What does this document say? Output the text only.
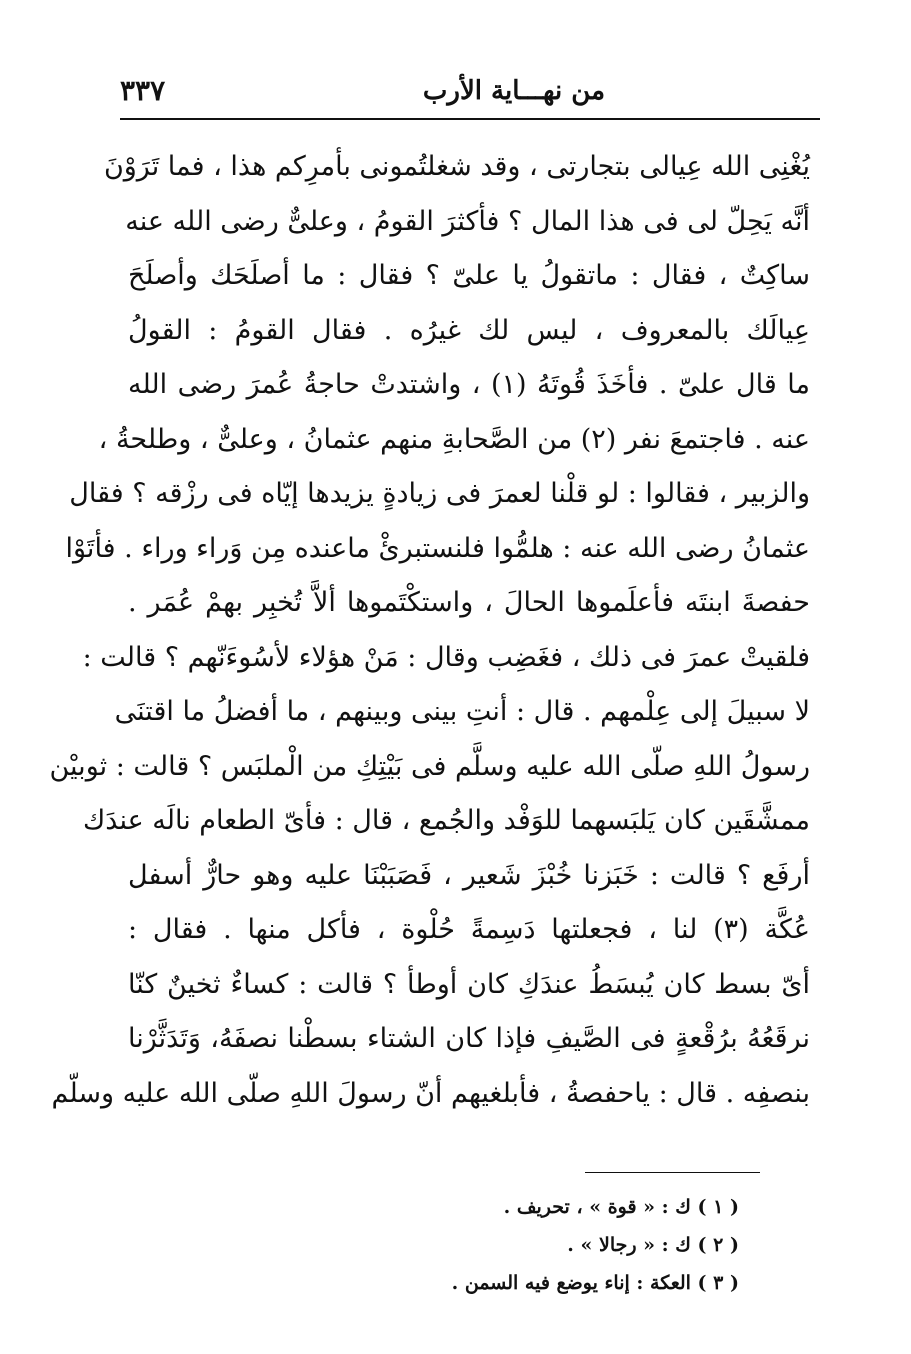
من نهـــاية الأرب
٣٣٧
يُغْنِى الله عِيالى بتجارتى ، وقد شغلتُمونى بأمرِكم هذا ، فما تَرَوْنَ
أنَّه يَحِلّ لى فى هذا المال ؟ فأكثرَ القومُ ، وعلىٌّ رضى الله عنه
ساكِتٌ ، فقال : ماتقولُ يا علىّ ؟ فقال : ما أصلَحَك وأصلَحَ
عِيالَك بالمعروف ، ليس لك غيرُه . فقال القومُ : القولُ
ما قال علىّ . فأخَذَ قُوتَهُ (١) ، واشتدتْ حاجةُ عُمرَ رضى الله
عنه . فاجتمعَ نفر (٢) من الصَّحابةِ منهم عثمانُ ، وعلىٌّ ، وطلحةُ ،
والزبير ، فقالوا : لو قلْنا لعمرَ فى زيادةٍ يزيدها إيّاه فى رزْقه ؟ فقال
عثمانُ رضى الله عنه : هلمُّوا فلنستبرئْ ماعنده مِن وَراء وراء . فأتَوْا
حفصةَ ابنتَه فأعلَموها الحالَ ، واستكْتَموها ألاَّ تُخبِر بهمْ عُمَر .
فلقيتْ عمرَ فى ذلك ، فغَضِب وقال : مَنْ هؤلاء لأسُوءَنّهم ؟ قالت :
لا سبيلَ إلى عِلْمهم . قال : أنتِ بينى وبينهم ، ما أفضلُ ما اقتنَى
رسولُ اللهِ صلّى الله عليه وسلَّم فى بَيْتِكِ من الْملبَس ؟ قالت : ثوبيْن
ممشَّقَين كان يَلبَسهما للوَفْد والجُمع ، قال : فأىّ الطعام نالَه عندَك
أرفَع ؟ قالت : خَبَزنا خُبْزَ شَعير ، فَصَبَبْنَا عليه وهو حارٌّ أسفل
عُكَّة (٣) لنا ، فجعلتها دَسِمةً حُلْوة ، فأكل منها . فقال :
أىّ بسط كان يُبسَطُ عندَكِ كان أوطأ ؟ قالت : كساءٌ ثخينٌ كنّا
نرقَعُهُ برُقْعةٍ فى الصَّيفِ فإذا كان الشتاء بسطْنا نصفَهُ، وَتَدَثَّرْنا
بنصفِه . قال : ياحفصةُ ، فأبلغيهم أنّ رسولَ اللهِ صلّى الله عليه وسلّم
( ١ ) ك : « قوة » ، تحريف .
( ٢ ) ك : « رجالا » .
( ٣ ) العكة : إناء يوضع فيه السمن .
